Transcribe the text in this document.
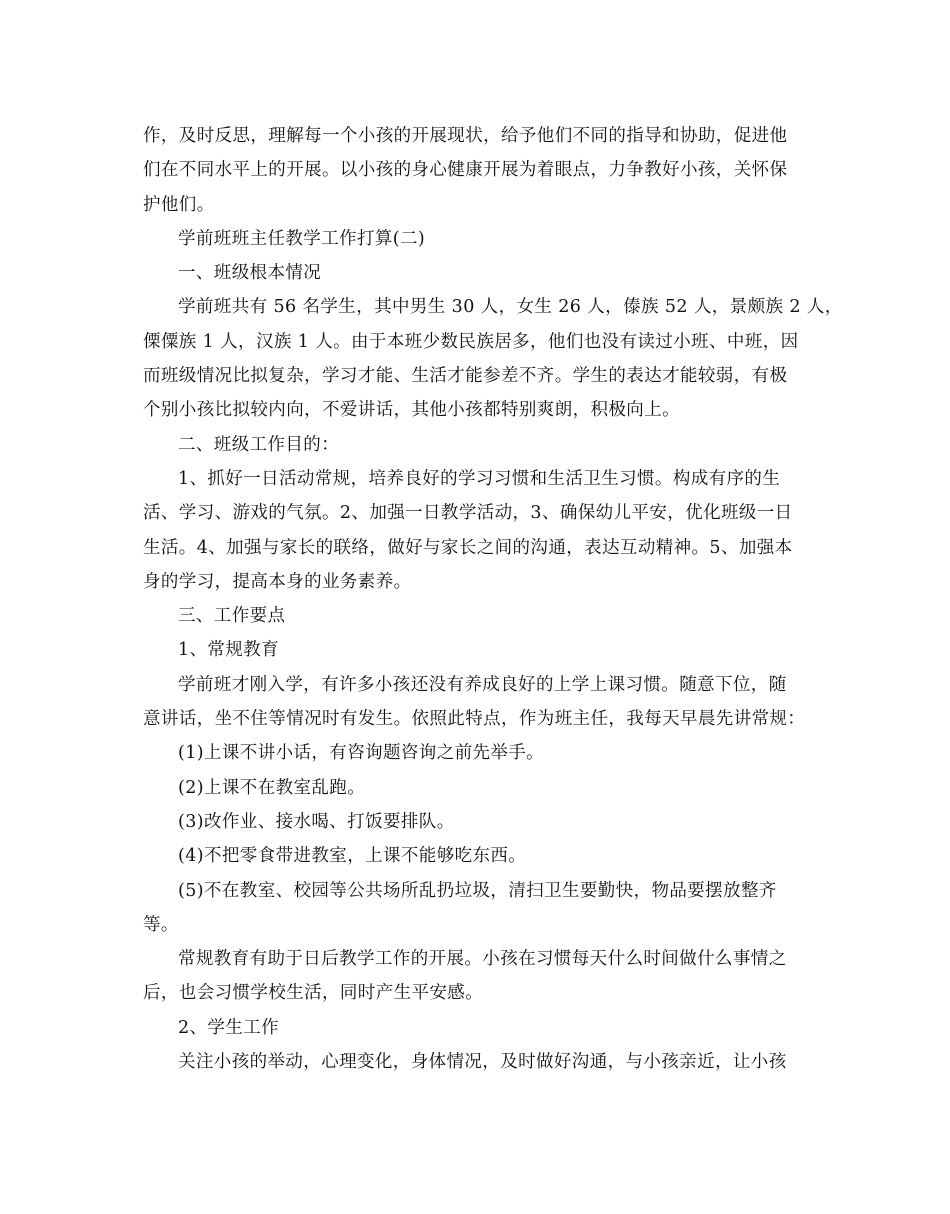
作，及时反思，理解每一个小孩的开展现状，给予他们不同的指导和协助，促进他
们在不同水平上的开展。以小孩的身心健康开展为着眼点，力争教好小孩，关怀保
护他们。
学前班班主任教学工作打算(二)
一、班级根本情况
学前班共有 56 名学生，其中男生 30 人，女生 26 人，傣族 52 人，景颇族 2 人，
傈僳族 1 人，汉族 1 人。由于本班少数民族居多，他们也没有读过小班、中班，因
而班级情况比拟复杂，学习才能、生活才能参差不齐。学生的表达才能较弱，有极
个别小孩比拟较内向，不爱讲话，其他小孩都特别爽朗，积极向上。
二、班级工作目的：
1、抓好一日活动常规，培养良好的学习习惯和生活卫生习惯。构成有序的生
活、学习、游戏的气氛。2、加强一日教学活动，3、确保幼儿平安，优化班级一日
生活。4、加强与家长的联络，做好与家长之间的沟通，表达互动精神。5、加强本
身的学习，提高本身的业务素养。
三、工作要点
1、常规教育
学前班才刚入学，有许多小孩还没有养成良好的上学上课习惯。随意下位，随
意讲话，坐不住等情况时有发生。依照此特点，作为班主任，我每天早晨先讲常规：
(1)上课不讲小话，有咨询题咨询之前先举手。
(2)上课不在教室乱跑。
(3)改作业、接水喝、打饭要排队。
(4)不把零食带进教室，上课不能够吃东西。
(5)不在教室、校园等公共场所乱扔垃圾，清扫卫生要勤快，物品要摆放整齐
等。
常规教育有助于日后教学工作的开展。小孩在习惯每天什么时间做什么事情之
后，也会习惯学校生活，同时产生平安感。
2、学生工作
关注小孩的举动，心理变化，身体情况，及时做好沟通，与小孩亲近，让小孩
